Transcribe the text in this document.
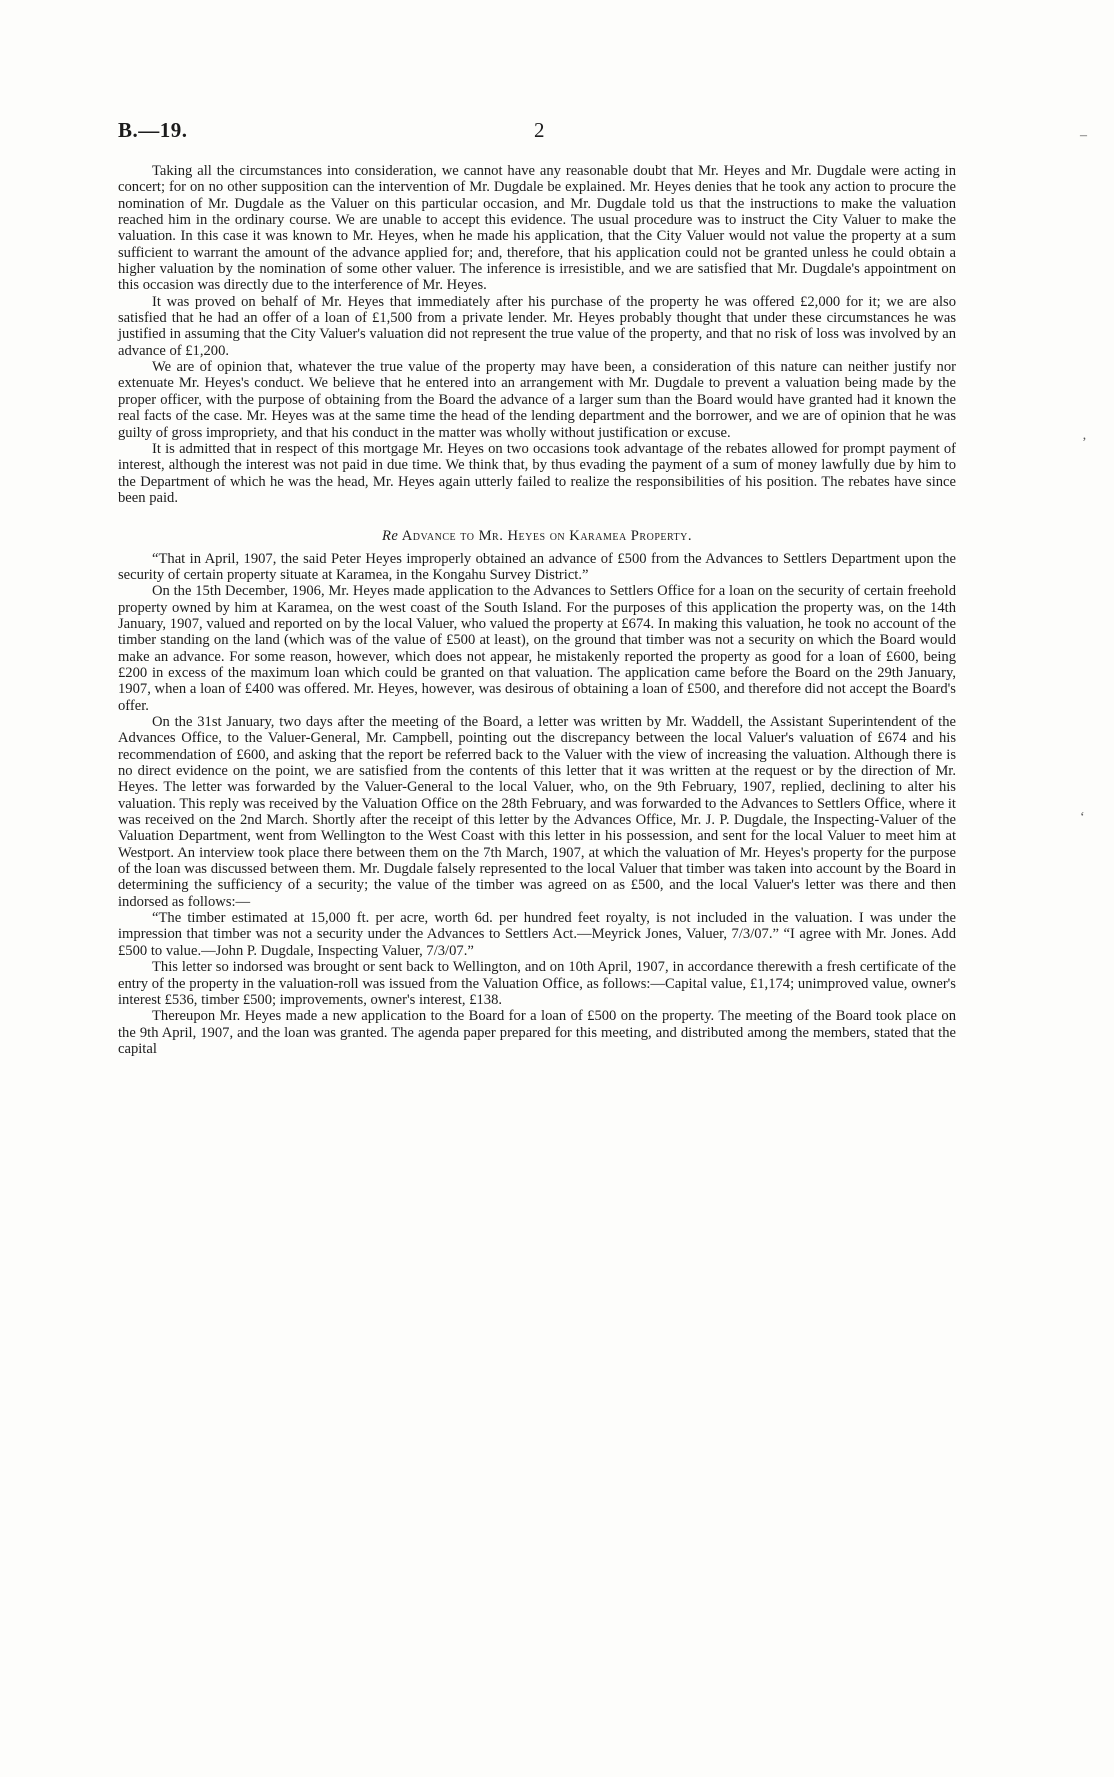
B.—19.	2

Taking all the circumstances into consideration, we cannot have any reasonable doubt that Mr. Heyes and Mr. Dugdale were acting in concert; for on no other supposition can the intervention of Mr. Dugdale be explained. Mr. Heyes denies that he took any action to procure the nomination of Mr. Dugdale as the Valuer on this particular occasion, and Mr. Dugdale told us that the instructions to make the valuation reached him in the ordinary course. We are unable to accept this evidence. The usual procedure was to instruct the City Valuer to make the valuation. In this case it was known to Mr. Heyes, when he made his application, that the City Valuer would not value the property at a sum sufficient to warrant the amount of the advance applied for; and, therefore, that his application could not be granted unless he could obtain a higher valuation by the nomination of some other valuer. The inference is irresistible, and we are satisfied that Mr. Dugdale's appointment on this occasion was directly due to the interference of Mr. Heyes.

It was proved on behalf of Mr. Heyes that immediately after his purchase of the property he was offered £2,000 for it; we are also satisfied that he had an offer of a loan of £1,500 from a private lender. Mr. Heyes probably thought that under these circumstances he was justified in assuming that the City Valuer's valuation did not represent the true value of the property, and that no risk of loss was involved by an advance of £1,200.

We are of opinion that, whatever the true value of the property may have been, a consideration of this nature can neither justify nor extenuate Mr. Heyes's conduct. We believe that he entered into an arrangement with Mr. Dugdale to prevent a valuation being made by the proper officer, with the purpose of obtaining from the Board the advance of a larger sum than the Board would have granted had it known the real facts of the case. Mr. Heyes was at the same time the head of the lending department and the borrower, and we are of opinion that he was guilty of gross impropriety, and that his conduct in the matter was wholly without justification or excuse.

It is admitted that in respect of this mortgage Mr. Heyes on two occasions took advantage of the rebates allowed for prompt payment of interest, although the interest was not paid in due time. We think that, by thus evading the payment of a sum of money lawfully due by him to the Department of which he was the head, Mr. Heyes again utterly failed to realize the responsibilities of his position. The rebates have since been paid.

Re Advance to Mr. Heyes on Karamea Property.

“That in April, 1907, the said Peter Heyes improperly obtained an advance of £500 from the Advances to Settlers Department upon the security of certain property situate at Karamea, in the Kongahu Survey District.”

On the 15th December, 1906, Mr. Heyes made application to the Advances to Settlers Office for a loan on the security of certain freehold property owned by him at Karamea, on the west coast of the South Island. For the purposes of this application the property was, on the 14th January, 1907, valued and reported on by the local Valuer, who valued the property at £674. In making this valuation, he took no account of the timber standing on the land (which was of the value of £500 at least), on the ground that timber was not a security on which the Board would make an advance. For some reason, however, which does not appear, he mistakenly reported the property as good for a loan of £600, being £200 in excess of the maximum loan which could be granted on that valuation. The application came before the Board on the 29th January, 1907, when a loan of £400 was offered. Mr. Heyes, however, was desirous of obtaining a loan of £500, and therefore did not accept the Board's offer.

On the 31st January, two days after the meeting of the Board, a letter was written by Mr. Waddell, the Assistant Superintendent of the Advances Office, to the Valuer-General, Mr. Campbell, pointing out the discrepancy between the local Valuer's valuation of £674 and his recommendation of £600, and asking that the report be referred back to the Valuer with the view of increasing the valuation. Although there is no direct evidence on the point, we are satisfied from the contents of this letter that it was written at the request or by the direction of Mr. Heyes. The letter was forwarded by the Valuer-General to the local Valuer, who, on the 9th February, 1907, replied, declining to alter his valuation. This reply was received by the Valuation Office on the 28th February, and was forwarded to the Advances to Settlers Office, where it was received on the 2nd March. Shortly after the receipt of this letter by the Advances Office, Mr. J. P. Dugdale, the Inspecting-Valuer of the Valuation Department, went from Wellington to the West Coast with this letter in his possession, and sent for the local Valuer to meet him at Westport. An interview took place there between them on the 7th March, 1907, at which the valuation of Mr. Heyes's property for the purpose of the loan was discussed between them. Mr. Dugdale falsely represented to the local Valuer that timber was taken into account by the Board in determining the sufficiency of a security; the value of the timber was agreed on as £500, and the local Valuer's letter was there and then indorsed as follows:—

“The timber estimated at 15,000 ft. per acre, worth 6d. per hundred feet royalty, is not included in the valuation. I was under the impression that timber was not a security under the Advances to Settlers Act.—Meyrick Jones, Valuer, 7/3/07.” “I agree with Mr. Jones. Add £500 to value.—John P. Dugdale, Inspecting Valuer, 7/3/07.”

This letter so indorsed was brought or sent back to Wellington, and on 10th April, 1907, in accordance therewith a fresh certificate of the entry of the property in the valuation-roll was issued from the Valuation Office, as follows:—Capital value, £1,174; unimproved value, owner's interest £536, timber £500; improvements, owner's interest, £138.

Thereupon Mr. Heyes made a new application to the Board for a loan of £500 on the property. The meeting of the Board took place on the 9th April, 1907, and the loan was granted. The agenda paper prepared for this meeting, and distributed among the members, stated that the capital

–
‚
‘
